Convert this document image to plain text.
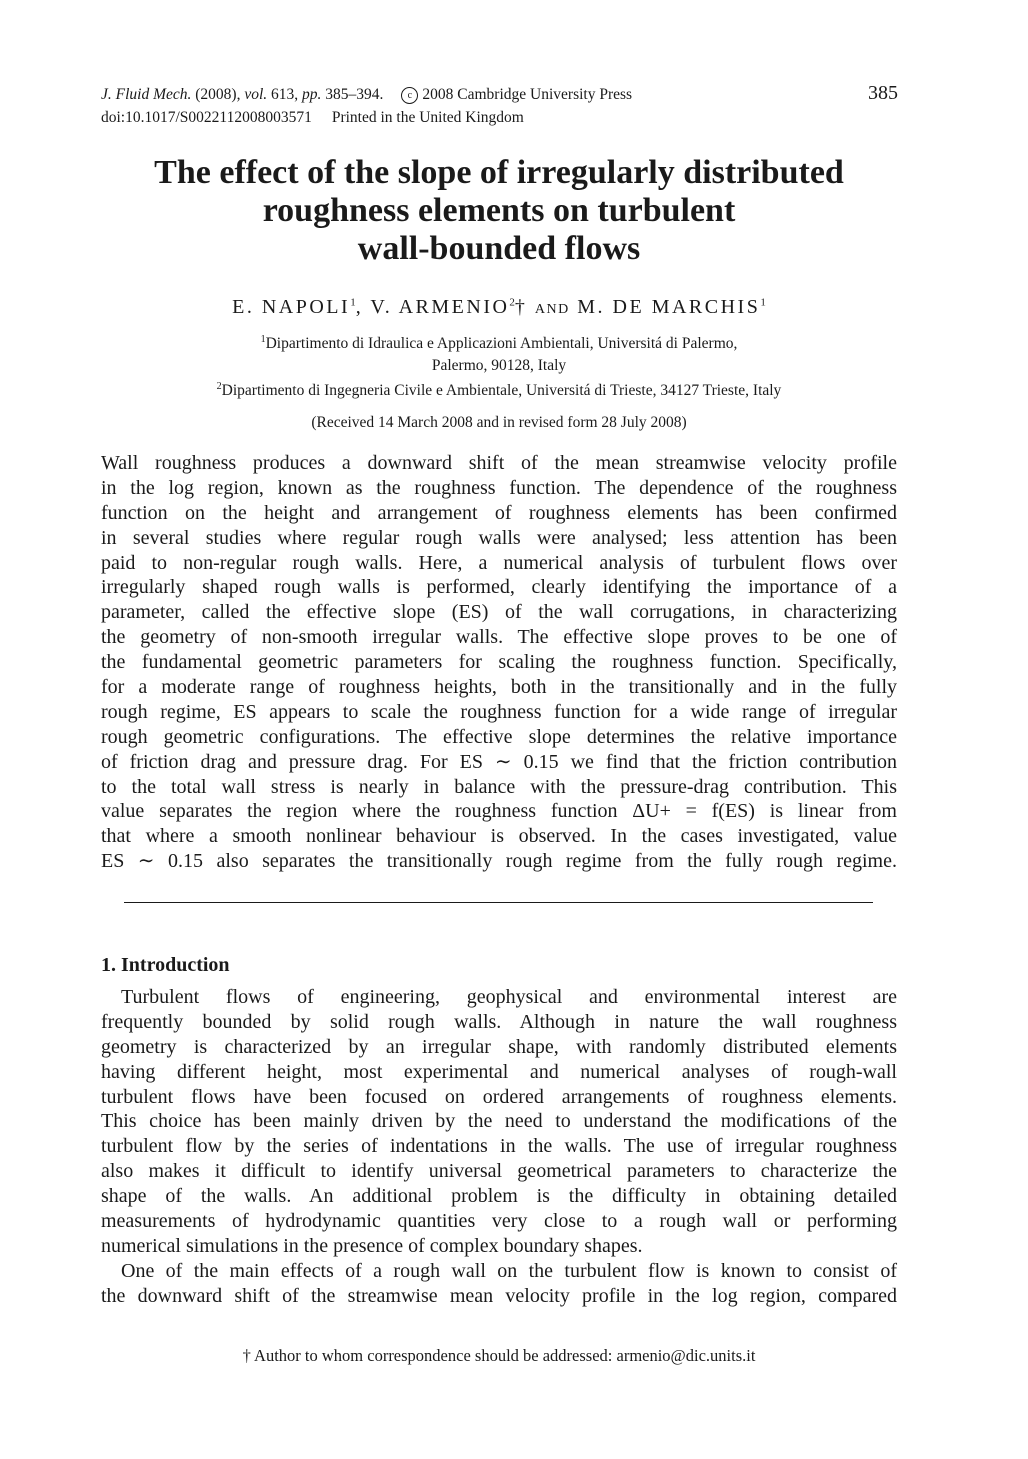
J. Fluid Mech. (2008), vol. 613, pp. 385–394. c 2008 Cambridge University Press
doi:10.1017/S0022112008003571 Printed in the United Kingdom
385
The effect of the slope of irregularly distributed
roughness elements on turbulent
wall-bounded flows
E. NAPOLI$^1$, V. ARMENIO$^2$† AND M. DE MARCHIS$^1$
$^1$Dipartimento di Idraulica e Applicazioni Ambientali, Universitá di Palermo,
Palermo, 90128, Italy
$^2$Dipartimento di Ingegneria Civile e Ambientale, Universitá di Trieste, 34127 Trieste, Italy
(Received 14 March 2008 and in revised form 28 July 2008)
Wall roughness produces a downward shift of the mean streamwise velocity profile
in the log region, known as the roughness function. The dependence of the roughness
function on the height and arrangement of roughness elements has been confirmed
in several studies where regular rough walls were analysed; less attention has been
paid to non-regular rough walls. Here, a numerical analysis of turbulent flows over
irregularly shaped rough walls is performed, clearly identifying the importance of a
parameter, called the effective slope (ES) of the wall corrugations, in characterizing
the geometry of non-smooth irregular walls. The effective slope proves to be one of
the fundamental geometric parameters for scaling the roughness function. Specifically,
for a moderate range of roughness heights, both in the transitionally and in the fully
rough regime, ES appears to scale the roughness function for a wide range of irregular
rough geometric configurations. The effective slope determines the relative importance
of friction drag and pressure drag. For ES ∼ 0.15 we find that the friction contribution
to the total wall stress is nearly in balance with the pressure-drag contribution. This
value separates the region where the roughness function ΔU+ = f(ES) is linear from
that where a smooth nonlinear behaviour is observed. In the cases investigated, value
ES ∼ 0.15 also separates the transitionally rough regime from the fully rough regime.
1. Introduction
Turbulent flows of engineering, geophysical and environmental interest are
frequently bounded by solid rough walls. Although in nature the wall roughness
geometry is characterized by an irregular shape, with randomly distributed elements
having different height, most experimental and numerical analyses of rough-wall
turbulent flows have been focused on ordered arrangements of roughness elements.
This choice has been mainly driven by the need to understand the modifications of the
turbulent flow by the series of indentations in the walls. The use of irregular roughness
also makes it difficult to identify universal geometrical parameters to characterize the
shape of the walls. An additional problem is the difficulty in obtaining detailed
measurements of hydrodynamic quantities very close to a rough wall or performing
numerical simulations in the presence of complex boundary shapes.
One of the main effects of a rough wall on the turbulent flow is known to consist of
the downward shift of the streamwise mean velocity profile in the log region, compared
† Author to whom correspondence should be addressed: armenio@dic.units.it
